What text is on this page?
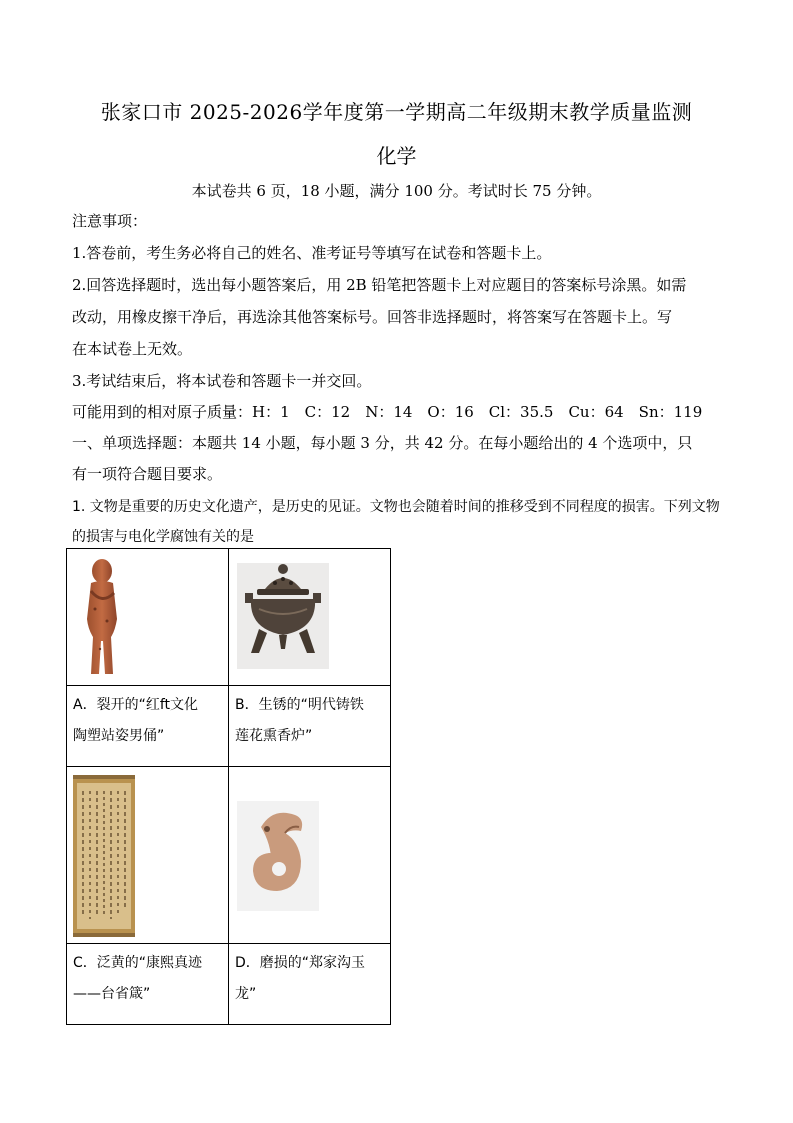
张家口市 2025-2026学年度第一学期高二年级期末教学质量监测
化学
本试卷共 6 页，18 小题，满分 100 分。考试时长 75 分钟。
注意事项：
1.答卷前，考生务必将自己的姓名、准考证号等填写在试卷和答题卡上。
2.回答选择题时，选出每小题答案后，用 2B 铅笔把答题卡上对应题目的答案标号涂黑。如需
改动，用橡皮擦干净后，再选涂其他答案标号。回答非选择题时，将答案写在答题卡上。写
在本试卷上无效。
3.考试结束后，将本试卷和答题卡一并交回。
可能用到的相对原子质量：H：1　C：12　N：14　O：16　Cl：35.5　Cu：64　Sn：119
一、单项选择题：本题共 14 小题，每小题 3 分，共 42 分。在每小题给出的 4 个选项中，只
有一项符合题目要求。
1. 文物是重要的历史文化遗产，是历史的见证。文物也会随着时间的推移受到不同程度的损害。下列文物
的损害与电化学腐蚀有关的是

A．裂开的“红ft文化
陶塑站姿男俑”	B．生锈的“明代铸铁
莲花熏香炉”

C．泛黄的“康熙真迹
——台省箴”	D．磨损的“郑家沟玉
龙”
